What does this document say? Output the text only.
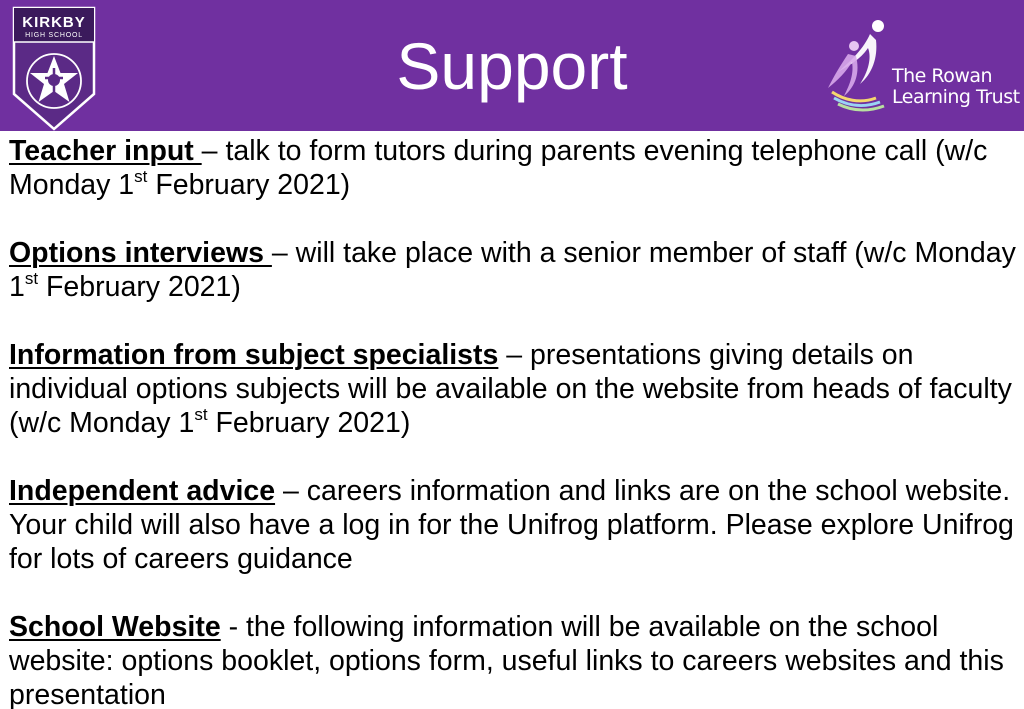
KIRKBY
HIGH SCHOOL	Support	The Rowan
Learning Trust

Teacher input – talk to form tutors during parents evening telephone call (w/c Monday 1st February 2021)

Options interviews – will take place with a senior member of staff (w/c Monday 1st February 2021)

Information from subject specialists – presentations giving details on individual options subjects will be available on the website from heads of faculty (w/c Monday 1st February 2021)

Independent advice – careers information and links are on the school website. Your child will also have a log in for the Unifrog platform. Please explore Unifrog for lots of careers guidance

School Website - the following information will be available on the school website: options booklet, options form, useful links to careers websites and this presentation
